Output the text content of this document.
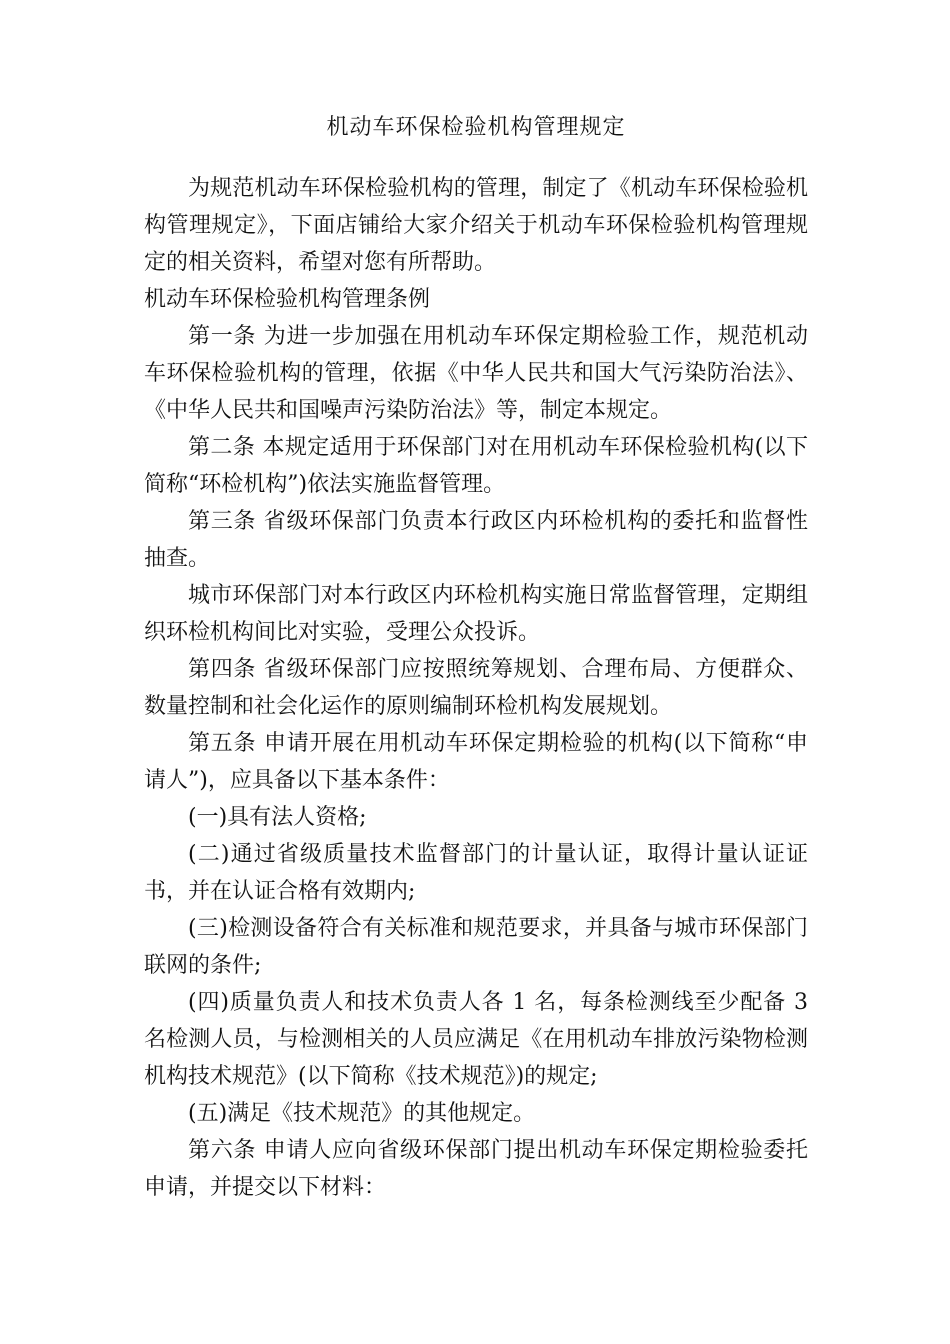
机动车环保检验机构管理规定

为规范机动车环保检验机构的管理，制定了《机动车环保检验机构管理规定》，下面店铺给大家介绍关于机动车环保检验机构管理规定的相关资料，希望对您有所帮助。

机动车环保检验机构管理条例

第一条 为进一步加强在用机动车环保定期检验工作，规范机动车环保检验机构的管理，依据《中华人民共和国大气污染防治法》、《中华人民共和国噪声污染防治法》等，制定本规定。

第二条 本规定适用于环保部门对在用机动车环保检验机构(以下简称“环检机构”)依法实施监督管理。

第三条 省级环保部门负责本行政区内环检机构的委托和监督性抽查。

城市环保部门对本行政区内环检机构实施日常监督管理，定期组织环检机构间比对实验，受理公众投诉。

第四条 省级环保部门应按照统筹规划、合理布局、方便群众、数量控制和社会化运作的原则编制环检机构发展规划。

第五条 申请开展在用机动车环保定期检验的机构(以下简称“申请人”)，应具备以下基本条件：

(一)具有法人资格;

(二)通过省级质量技术监督部门的计量认证，取得计量认证证书，并在认证合格有效期内;

(三)检测设备符合有关标准和规范要求，并具备与城市环保部门联网的条件;

(四)质量负责人和技术负责人各 1 名，每条检测线至少配备 3 名检测人员，与检测相关的人员应满足《在用机动车排放污染物检测机构技术规范》(以下简称《技术规范》)的规定;

(五)满足《技术规范》的其他规定。

第六条 申请人应向省级环保部门提出机动车环保定期检验委托申请，并提交以下材料：
